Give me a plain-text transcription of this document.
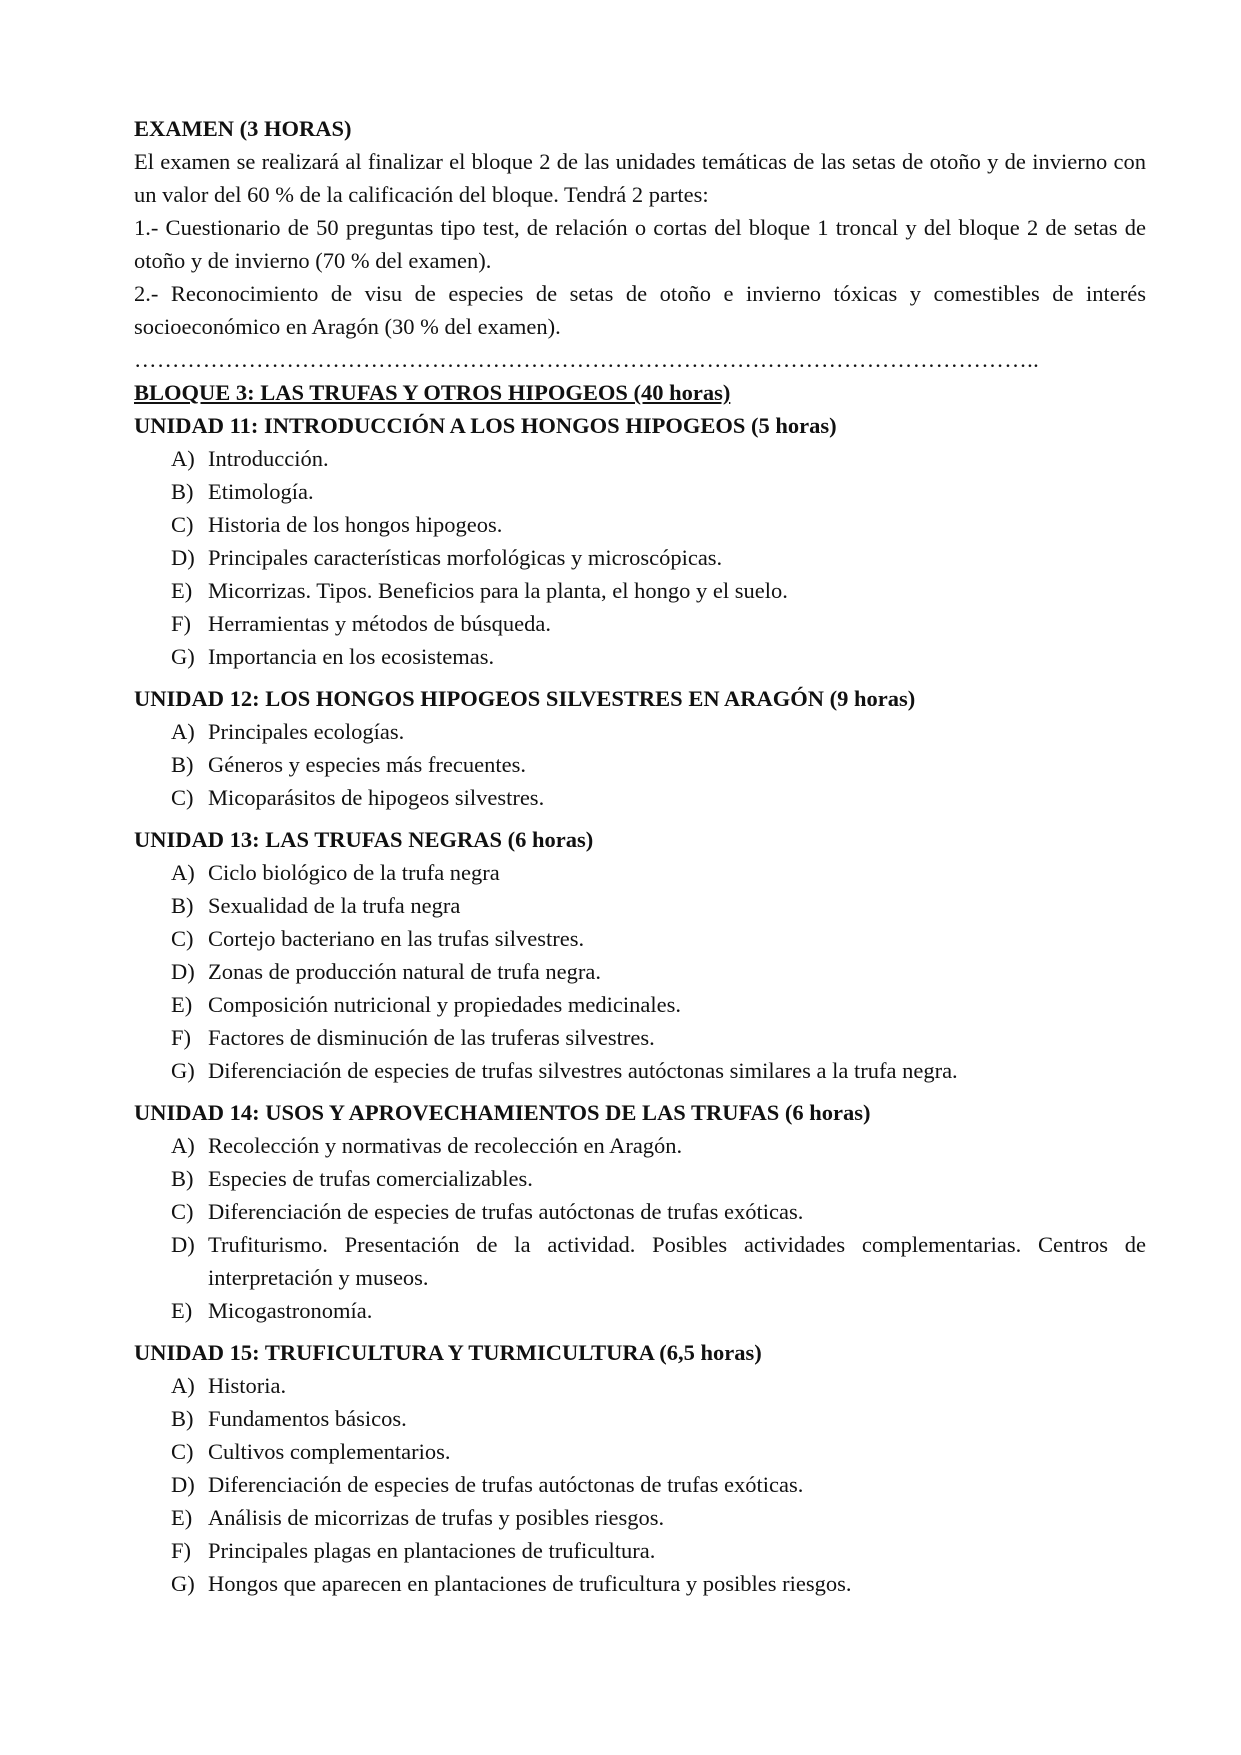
EXAMEN (3 HORAS)

El examen se realizará al finalizar el bloque 2 de las unidades temáticas de las setas de otoño y de invierno con un valor del 60 % de la calificación del bloque. Tendrá 2 partes:

1.- Cuestionario de 50 preguntas tipo test, de relación o cortas del bloque 1 troncal y del bloque 2 de setas de otoño y de invierno (70 % del examen).

2.- Reconocimiento de visu de especies de setas de otoño e invierno tóxicas y comestibles de interés socioeconómico en Aragón (30 % del examen).

………………………………………………………………………………………………………..

BLOQUE 3: LAS TRUFAS Y OTROS HIPOGEOS (40 horas)

UNIDAD 11: INTRODUCCIÓN A LOS HONGOS HIPOGEOS (5 horas)

A) Introducción.
B) Etimología.
C) Historia de los hongos hipogeos.
D) Principales características morfológicas y microscópicas.
E) Micorrizas. Tipos. Beneficios para la planta, el hongo y el suelo.
F) Herramientas y métodos de búsqueda.
G) Importancia en los ecosistemas.

UNIDAD 12: LOS HONGOS HIPOGEOS SILVESTRES EN ARAGÓN (9 horas)

A) Principales ecologías.
B) Géneros y especies más frecuentes.
C) Micoparásitos de hipogeos silvestres.

UNIDAD 13: LAS TRUFAS NEGRAS (6 horas)

A) Ciclo biológico de la trufa negra
B) Sexualidad de la trufa negra
C) Cortejo bacteriano en las trufas silvestres.
D) Zonas de producción natural de trufa negra.
E) Composición nutricional y propiedades medicinales.
F) Factores de disminución de las truferas silvestres.
G) Diferenciación de especies de trufas silvestres autóctonas similares a la trufa negra.

UNIDAD 14: USOS Y APROVECHAMIENTOS DE LAS TRUFAS (6 horas)

A) Recolección y normativas de recolección en Aragón.
B) Especies de trufas comercializables.
C) Diferenciación de especies de trufas autóctonas de trufas exóticas.
D) Trufiturismo. Presentación de la actividad. Posibles actividades complementarias. Centros de interpretación y museos.
E) Micogastronomía.

UNIDAD 15: TRUFICULTURA Y TURMICULTURA (6,5 horas)

A) Historia.
B) Fundamentos básicos.
C) Cultivos complementarios.
D) Diferenciación de especies de trufas autóctonas de trufas exóticas.
E) Análisis de micorrizas de trufas y posibles riesgos.
F) Principales plagas en plantaciones de truficultura.
G) Hongos que aparecen en plantaciones de truficultura y posibles riesgos.
